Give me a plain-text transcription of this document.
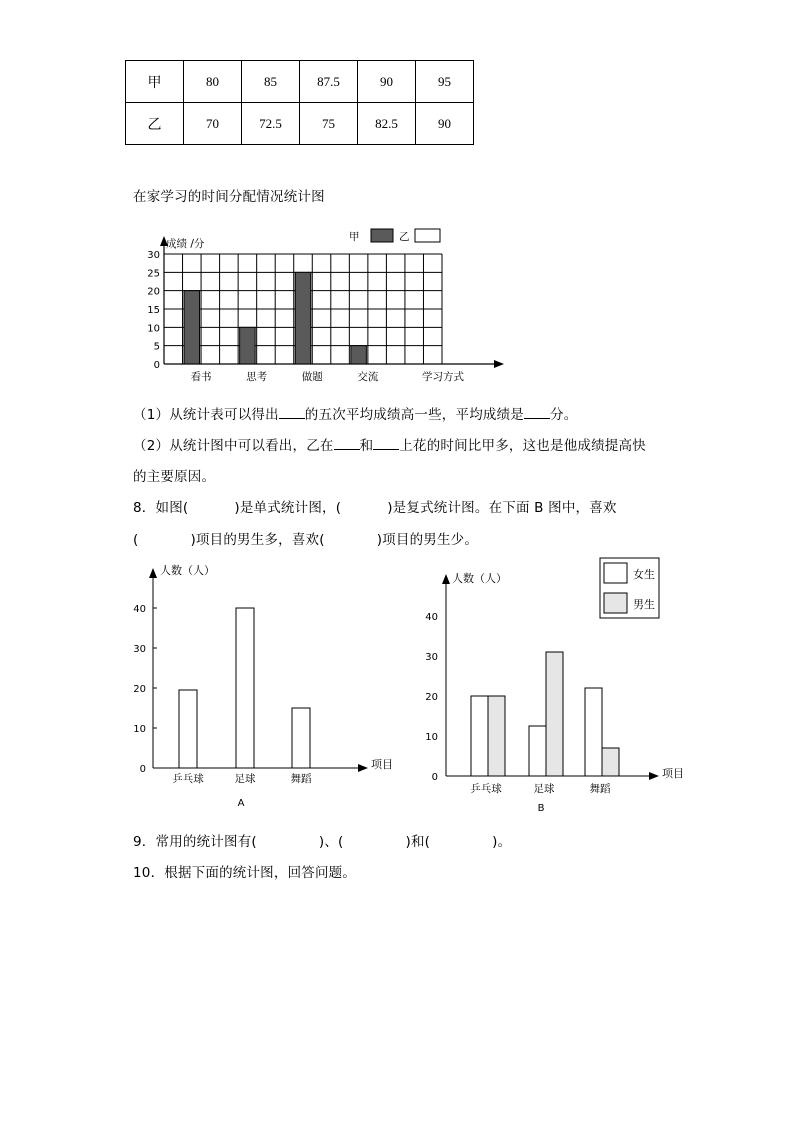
甲	80	85	87.5	90	95
乙	70	72.5	75	82.5	90
在家学习的时间分配情况统计图
0
5
10
15
20
25
30
成绩 /分
看书	思考	做题	交流	学习方式
甲	乙
（1）从统计表可以得出 的五次平均成绩高一些，平均成绩是 分。
（2）从统计图中可以看出，乙在 和 上花的时间比甲多，这也是他成绩提高快
的主要原因。
8．如图(	)是单式统计图，(	)是复式统计图。在下面 B 图中，喜欢
(	)项目的男生多，喜欢(	)项目的男生少。
人数（人）
项目
0
10
20
30
40
乒乓球	足球	舞蹈
A
人数（人）
项目
0
10
20
30
40
乒乓球	足球	舞蹈
B
女生
男生
9．常用的统计图有(	)、(	)和(	)。
10．根据下面的统计图，回答问题。
